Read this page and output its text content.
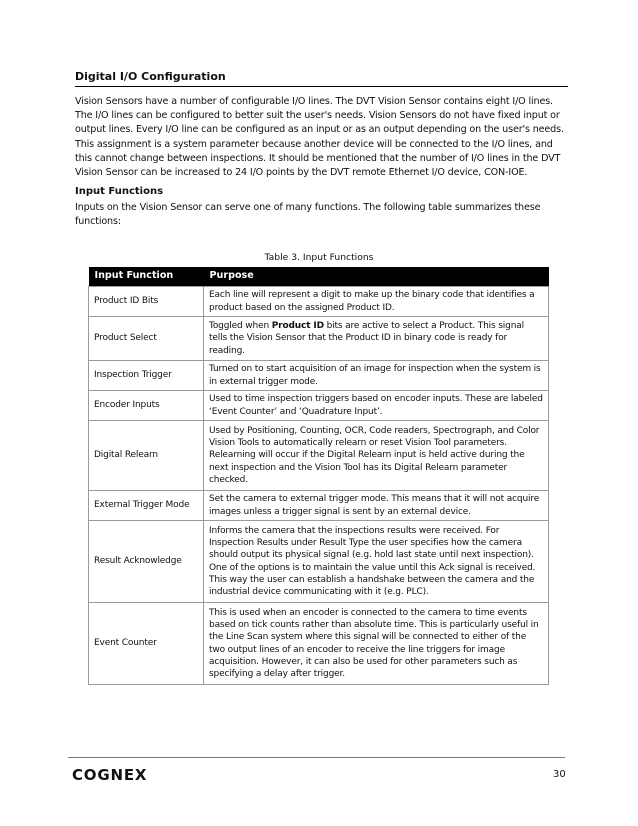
Digital I/O Configuration

Vision Sensors have a number of configurable I/O lines. The DVT Vision Sensor contains eight I/O lines. The I/O lines can be configured to better suit the user's needs. Vision Sensors do not have fixed input or output lines. Every I/O line can be configured as an input or as an output depending on the user's needs. This assignment is a system parameter because another device will be connected to the I/O lines, and this cannot change between inspections. It should be mentioned that the number of I/O lines in the DVT Vision Sensor can be increased to 24 I/O points by the DVT remote Ethernet I/O device, CON-IOE.

Input Functions

Inputs on the Vision Sensor can serve one of many functions. The following table summarizes these functions:

Table 3. Input Functions
Input Function	Purpose
Product ID Bits	Each line will represent a digit to make up the binary code that identifies a product based on the assigned Product ID.
Product Select	Toggled when Product ID bits are active to select a Product. This signal tells the Vision Sensor that the Product ID in binary code is ready for reading.
Inspection Trigger	Turned on to start acquisition of an image for inspection when the system is in external trigger mode.
Encoder Inputs	Used to time inspection triggers based on encoder inputs. These are labeled ‘Event Counter’ and ‘Quadrature Input’.
Digital Relearn	Used by Positioning, Counting, OCR, Code readers, Spectrograph, and Color Vision Tools to automatically relearn or reset Vision Tool parameters. Relearning will occur if the Digital Relearn input is held active during the next inspection and the Vision Tool has its Digital Relearn parameter checked.
External Trigger Mode	Set the camera to external trigger mode. This means that it will not acquire images unless a trigger signal is sent by an external device.
Result Acknowledge	Informs the camera that the inspections results were received. For Inspection Results under Result Type the user specifies how the camera should output its physical signal (e.g. hold last state until next inspection). One of the options is to maintain the value until this Ack signal is received. This way the user can establish a handshake between the camera and the industrial device communicating with it (e.g. PLC).
Event Counter	This is used when an encoder is connected to the camera to time events based on tick counts rather than absolute time. This is particularly useful in the Line Scan system where this signal will be connected to either of the two output lines of an encoder to receive the line triggers for image acquisition. However, it can also be used for other parameters such as specifying a delay after trigger.
COGNEX	30
